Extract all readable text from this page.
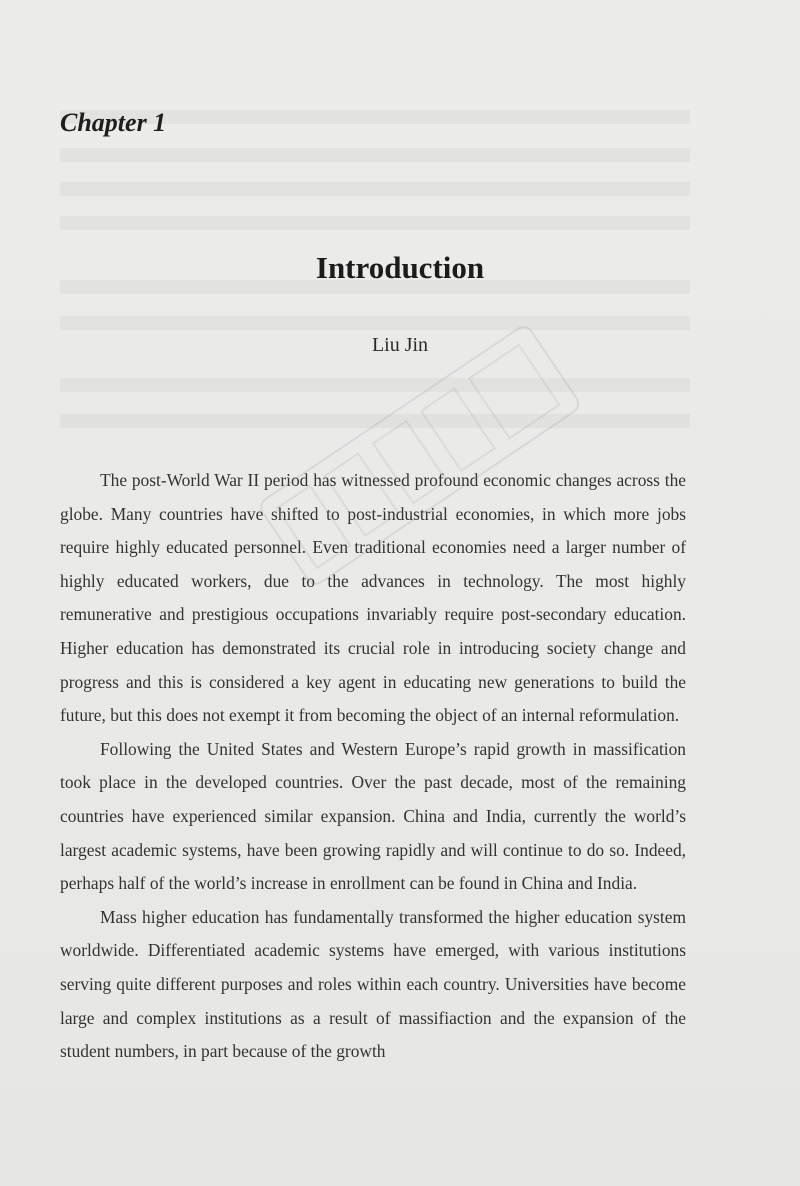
Chapter 1
Introduction
Liu Jin

The post-World War II period has witnessed profound economic changes across the globe. Many countries have shifted to post-industrial economies, in which more jobs require highly educated personnel. Even traditional economies need a larger number of highly educated workers, due to the advances in technology. The most highly remunerative and prestigious occupations invariably require post-secondary education. Higher education has demonstrated its crucial role in introducing society change and progress and this is considered a key agent in educating new generations to build the future, but this does not exempt it from becoming the object of an internal reformulation.

Following the United States and Western Europe’s rapid growth in massification took place in the developed countries. Over the past decade, most of the remaining countries have experienced similar expansion. China and India, currently the world’s largest academic systems, have been growing rapidly and will continue to do so. Indeed, perhaps half of the world’s increase in enrollment can be found in China and India.

Mass higher education has fundamentally transformed the higher education system worldwide. Differentiated academic systems have emerged, with various institutions serving quite different purposes and roles within each country. Universities have become large and complex institutions as a result of massifiaction and the expansion of the student numbers, in part because of the growth
